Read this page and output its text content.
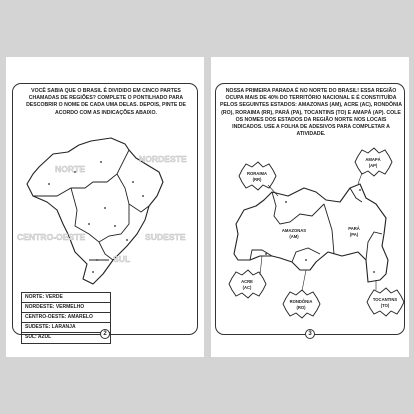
VOCÊ SABIA QUE O BRASIL É DIVIDIDO EM CINCO PARTES CHAMADAS DE REGIÕES? COMPLETE O PONTILHADO PARA DESCOBRIR O NOME DE CADA UMA DELAS. DEPOIS, PINTE DE ACORDO COM AS INDICAÇÕES ABAIXO.
NORTE
NORDESTE
CENTRO-OESTE	SUDESTE
SUL
NORTE: VERDE
NORDESTE: VERMELHO
CENTRO-OESTE: AMARELO
SUDESTE: LARANJA
SUL: AZUL	2
NOSSA PRIMEIRA PARADA É NO NORTE DO BRASIL! ESSA REGIÃO OCUPA MAIS DE 40% DO TERRITÓRIO NACIONAL E É CONSTITUÍDA PELOS SEGUINTES ESTADOS: AMAZONAS (AM), ACRE (AC), RONDÔNIA (RO), RORAIMA (RR), PARÁ (PA), TOCANTINS (TO) E AMAPÁ (AP). COLE OS NOMES DOS ESTADOS DA REGIÃO NORTE NOS LOCAIS INDICADOS. USE A FOLHA DE ADESIVOS PARA COMPLETAR A ATIVIDADE.
RORAIMA
(RR)
AMAPÁ
(AP)
ACRE
(AC)
RONDÔNIA
(RO)
TOCANTINS
(TO)
AMAZONAS
(AM)
PARÁ
(PA)
3
